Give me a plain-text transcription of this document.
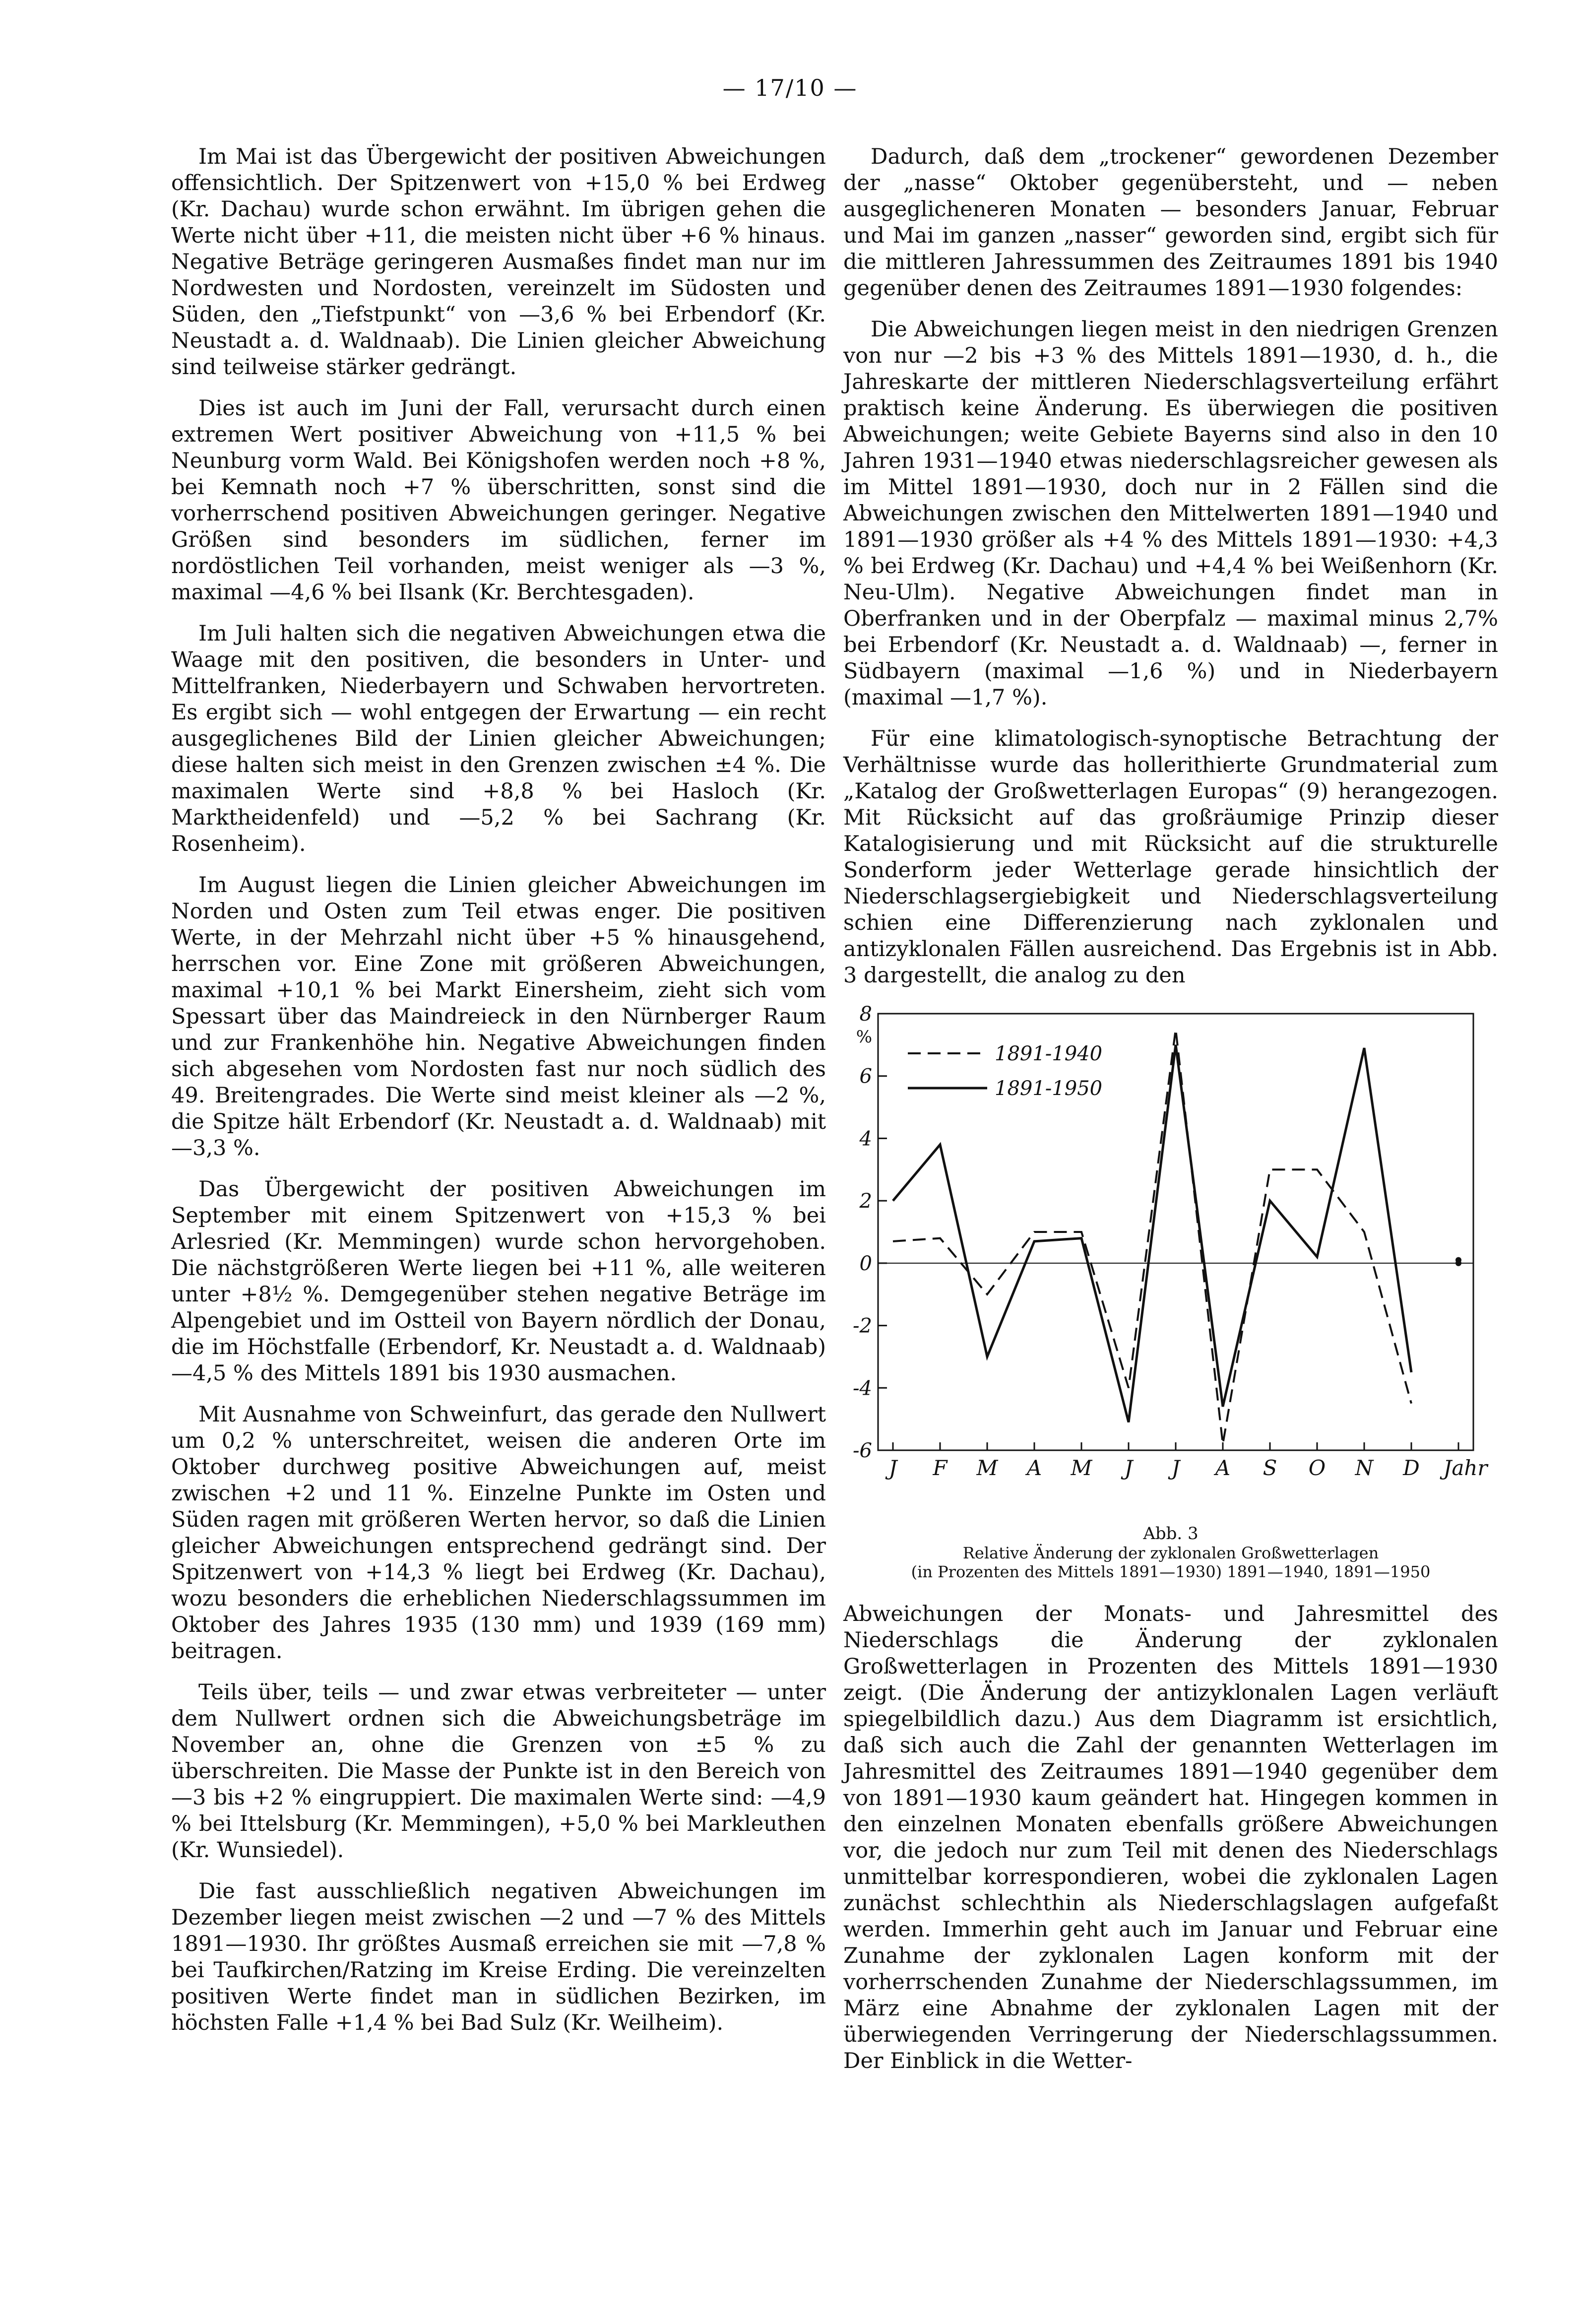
— 17/10 —

Im Mai ist das Übergewicht der positiven Abweichungen offensichtlich. Der Spitzenwert von +15,0 % bei Erdweg (Kr. Dachau) wurde schon erwähnt. Im übrigen gehen die Werte nicht über +11, die meisten nicht über +6 % hinaus. Negative Beträge geringeren Ausmaßes findet man nur im Nordwesten und Nordosten, vereinzelt im Südosten und Süden, den „Tiefstpunkt“ von —3,6 % bei Erbendorf (Kr. Neustadt a. d. Waldnaab). Die Linien gleicher Abweichung sind teilweise stärker gedrängt.

Dies ist auch im Juni der Fall, verursacht durch einen extremen Wert positiver Abweichung von +11,5 % bei Neunburg vorm Wald. Bei Königshofen werden noch +8 %, bei Kemnath noch +7 % überschritten, sonst sind die vorherrschend positiven Abweichungen geringer. Negative Größen sind besonders im südlichen, ferner im nordöstlichen Teil vorhanden, meist weniger als —3 %, maximal —4,6 % bei Ilsank (Kr. Berchtesgaden).

Im Juli halten sich die negativen Abweichungen etwa die Waage mit den positiven, die besonders in Unter- und Mittelfranken, Niederbayern und Schwaben hervortreten. Es ergibt sich — wohl entgegen der Erwartung — ein recht ausgeglichenes Bild der Linien gleicher Abweichungen; diese halten sich meist in den Grenzen zwischen ±4 %. Die maximalen Werte sind +8,8 % bei Hasloch (Kr. Marktheidenfeld) und —5,2 % bei Sachrang (Kr. Rosenheim).

Im August liegen die Linien gleicher Abweichungen im Norden und Osten zum Teil etwas enger. Die positiven Werte, in der Mehrzahl nicht über +5 % hinausgehend, herrschen vor. Eine Zone mit größeren Abweichungen, maximal +10,1 % bei Markt Einersheim, zieht sich vom Spessart über das Maindreieck in den Nürnberger Raum und zur Frankenhöhe hin. Negative Abweichungen finden sich abgesehen vom Nordosten fast nur noch südlich des 49. Breitengrades. Die Werte sind meist kleiner als —2 %, die Spitze hält Erbendorf (Kr. Neustadt a. d. Waldnaab) mit —3,3 %.

Das Übergewicht der positiven Abweichungen im September mit einem Spitzenwert von +15,3 % bei Arlesried (Kr. Memmingen) wurde schon hervorgehoben. Die nächstgrößeren Werte liegen bei +11 %, alle weiteren unter +8½ %. Demgegenüber stehen negative Beträge im Alpengebiet und im Ostteil von Bayern nördlich der Donau, die im Höchstfalle (Erbendorf, Kr. Neustadt a. d. Waldnaab) —4,5 % des Mittels 1891 bis 1930 ausmachen.

Mit Ausnahme von Schweinfurt, das gerade den Nullwert um 0,2 % unterschreitet, weisen die anderen Orte im Oktober durchweg positive Abweichungen auf, meist zwischen +2 und 11 %. Einzelne Punkte im Osten und Süden ragen mit größeren Werten hervor, so daß die Linien gleicher Abweichungen entsprechend gedrängt sind. Der Spitzenwert von +14,3 % liegt bei Erdweg (Kr. Dachau), wozu besonders die erheblichen Niederschlagssummen im Oktober des Jahres 1935 (130 mm) und 1939 (169 mm) beitragen.

Teils über, teils — und zwar etwas verbreiteter — unter dem Nullwert ordnen sich die Abweichungsbeträge im November an, ohne die Grenzen von ±5 % zu überschreiten. Die Masse der Punkte ist in den Bereich von —3 bis +2 % eingruppiert. Die maximalen Werte sind: —4,9 % bei Ittelsburg (Kr. Memmingen), +5,0 % bei Markleuthen (Kr. Wunsiedel).

Die fast ausschließlich negativen Abweichungen im Dezember liegen meist zwischen —2 und —7 % des Mittels 1891—1930. Ihr größtes Ausmaß erreichen sie mit —7,8 % bei Taufkirchen/Ratzing im Kreise Erding. Die vereinzelten positiven Werte findet man in südlichen Bezirken, im höchsten Falle +1,4 % bei Bad Sulz (Kr. Weilheim).

Dadurch, daß dem „trockener“ gewordenen Dezember der „nasse“ Oktober gegenübersteht, und — neben ausgeglicheneren Monaten — besonders Januar, Februar und Mai im ganzen „nasser“ geworden sind, ergibt sich für die mittleren Jahressummen des Zeitraumes 1891 bis 1940 gegenüber denen des Zeitraumes 1891—1930 folgendes:

Die Abweichungen liegen meist in den niedrigen Grenzen von nur —2 bis +3 % des Mittels 1891—1930, d. h., die Jahreskarte der mittleren Niederschlagsverteilung erfährt praktisch keine Änderung. Es überwiegen die positiven Abweichungen; weite Gebiete Bayerns sind also in den 10 Jahren 1931—1940 etwas niederschlagsreicher gewesen als im Mittel 1891—1930, doch nur in 2 Fällen sind die Abweichungen zwischen den Mittelwerten 1891—1940 und 1891—1930 größer als +4 % des Mittels 1891—1930: +4,3 % bei Erdweg (Kr. Dachau) und +4,4 % bei Weißenhorn (Kr. Neu-Ulm). Negative Abweichungen findet man in Oberfranken und in der Oberpfalz — maximal minus 2,7% bei Erbendorf (Kr. Neustadt a. d. Waldnaab) —, ferner in Südbayern (maximal —1,6 %) und in Niederbayern (maximal —1,7 %).

Für eine klimatologisch-synoptische Betrachtung der Verhältnisse wurde das hollerithierte Grundmaterial zum „Katalog der Großwetterlagen Europas“ (9) herangezogen. Mit Rücksicht auf das großräumige Prinzip dieser Katalogisierung und mit Rücksicht auf die strukturelle Sonderform jeder Wetterlage gerade hinsichtlich der Niederschlagsergiebigkeit und Niederschlagsverteilung schien eine Differenzierung nach zyklonalen und antizyklonalen Fällen ausreichend. Das Ergebnis ist in Abb. 3 dargestellt, die analog zu den

8
6
4
2
0
-2
-4
-6
%
J F M A M J J A S O N D Jahr
1891-1940
1891-1950
Abb. 3
Relative Änderung der zyklonalen Großwetterlagen
(in Prozenten des Mittels 1891—1930) 1891—1940, 1891—1950

Abweichungen der Monats- und Jahresmittel des Niederschlags die Änderung der zyklonalen Großwetterlagen in Prozenten des Mittels 1891—1930 zeigt. (Die Änderung der antizyklonalen Lagen verläuft spiegelbildlich dazu.) Aus dem Diagramm ist ersichtlich, daß sich auch die Zahl der genannten Wetterlagen im Jahresmittel des Zeitraumes 1891—1940 gegenüber dem von 1891—1930 kaum geändert hat. Hingegen kommen in den einzelnen Monaten ebenfalls größere Abweichungen vor, die jedoch nur zum Teil mit denen des Niederschlags unmittelbar korrespondieren, wobei die zyklonalen Lagen zunächst schlechthin als Niederschlagslagen aufgefaßt werden. Immerhin geht auch im Januar und Februar eine Zunahme der zyklonalen Lagen konform mit der vorherrschenden Zunahme der Niederschlagssummen, im März eine Abnahme der zyklonalen Lagen mit der überwiegenden Verringerung der Niederschlagssummen. Der Einblick in die Wetter-
